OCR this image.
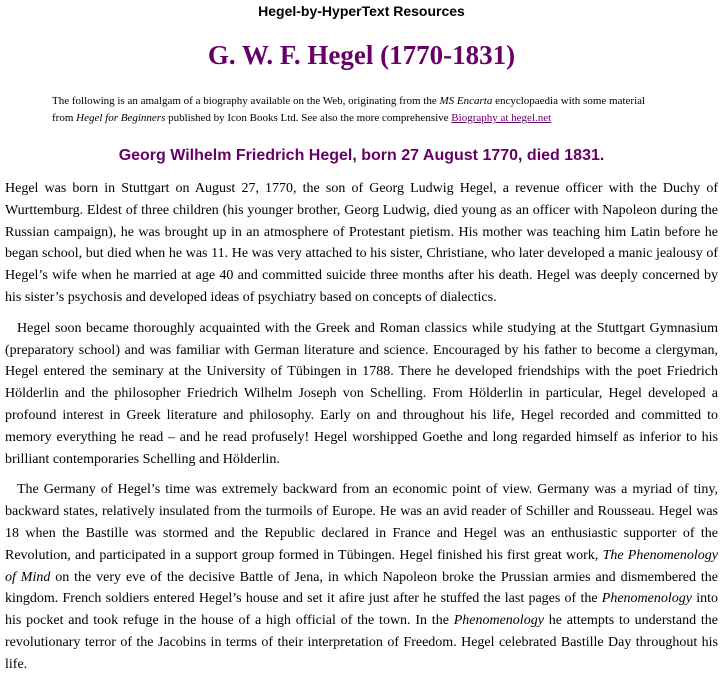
Hegel-by-HyperText Resources
G. W. F. Hegel (1770-1831)
The following is an amalgam of a biography available on the Web, originating from the MS Encarta encyclopaedia with some material from Hegel for Beginners published by Icon Books Ltd. See also the more comprehensive Biography at hegel.net
Georg Wilhelm Friedrich Hegel, born 27 August 1770, died 1831.

Hegel was born in Stuttgart on August 27, 1770, the son of Georg Ludwig Hegel, a revenue officer with the Duchy of Wurttemburg. Eldest of three children (his younger brother, Georg Ludwig, died young as an officer with Napoleon during the Russian campaign), he was brought up in an atmosphere of Protestant pietism. His mother was teaching him Latin before he began school, but died when he was 11. He was very attached to his sister, Christiane, who later developed a manic jealousy of Hegel’s wife when he married at age 40 and committed suicide three months after his death. Hegel was deeply concerned by his sister’s psychosis and developed ideas of psychiatry based on concepts of dialectics.

Hegel soon became thoroughly acquainted with the Greek and Roman classics while studying at the Stuttgart Gymnasium (preparatory school) and was familiar with German literature and science. Encouraged by his father to become a clergyman, Hegel entered the seminary at the University of Tübingen in 1788. There he developed friendships with the poet Friedrich Hölderlin and the philosopher Friedrich Wilhelm Joseph von Schelling. From Hölderlin in particular, Hegel developed a profound interest in Greek literature and philosophy. Early on and throughout his life, Hegel recorded and committed to memory everything he read – and he read profusely! Hegel worshipped Goethe and long regarded himself as inferior to his brilliant contemporaries Schelling and Hölderlin.

The Germany of Hegel’s time was extremely backward from an economic point of view. Germany was a myriad of tiny, backward states, relatively insulated from the turmoils of Europe. He was an avid reader of Schiller and Rousseau. Hegel was 18 when the Bastille was stormed and the Republic declared in France and Hegel was an enthusiastic supporter of the Revolution, and participated in a support group formed in Tübingen. Hegel finished his first great work, The Phenomenology of Mind on the very eve of the decisive Battle of Jena, in which Napoleon broke the Prussian armies and dismembered the kingdom. French soldiers entered Hegel’s house and set it afire just after he stuffed the last pages of the Phenomenology into his pocket and took refuge in the house of a high official of the town. In the Phenomenology he attempts to understand the revolutionary terror of the Jacobins in terms of their interpretation of Freedom. Hegel celebrated Bastille Day throughout his life.
